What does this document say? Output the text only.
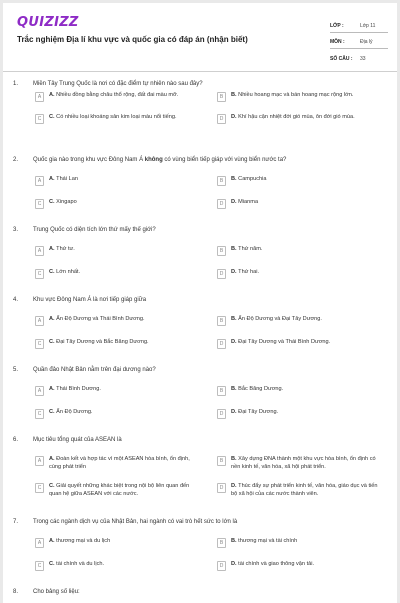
QUIZIZZ
Trắc nghiệm Địa lí khu vực và quốc gia có đáp án (nhận biết)
LỚP :	Lớp 11
MÔN :	Địa lý
SỐ CÂU :	33
1. Miền Tây Trung Quốc là nơi có đặc điểm tự nhiên nào sau đây?
A	A. Nhiều đồng bằng châu thổ rộng, đất đai màu mỡ.	B	B. Nhiều hoang mạc và bán hoang mạc rộng lớn.
C	C. Có nhiều loại khoáng sản kim loại màu nổi tiếng.	D	D. Khí hậu cận nhiệt đới gió mùa, ôn đới gió mùa.
2. Quốc gia nào trong khu vực Đông Nam Á không có vùng biển tiếp giáp với vùng biển nước ta?
A	A. Thái Lan	B	B. Campuchia
C	C. Xingapo	D	D. Mianma
3. Trung Quốc có diện tích lớn thứ mấy thế giới?
A	A. Thứ tư.	B	B. Thứ năm.
C	C. Lớn nhất.	D	D. Thứ hai.
4. Khu vực Đông Nam Á là nơi tiếp giáp giữa
A	A. Ấn Độ Dương và Thái Bình Dương.	B	B. Ấn Độ Dương và Đại Tây Dương.
C	C. Đại Tây Dương và Bắc Băng Dương.	D	D. Đại Tây Dương và Thái Bình Dương.
5. Quần đảo Nhật Bản nằm trên đại dương nào?
A	A. Thái Bình Dương.	B	B. Bắc Băng Dương.
C	C. Ấn Độ Dương.	D	D. Đại Tây Dương.
6. Mục tiêu tổng quát của ASEAN là
A	A. Đoàn kết và hợp tác vì một ASEAN hòa bình, ổn định, cùng phát triển
B	B. Xây dựng ĐNA thành một khu vực hòa bình, ổn định có nền kinh tế, văn hóa, xã hội phát triển.
C	C. Giải quyết những khác biệt trong nội bộ liên quan đến quan hệ giữa ASEAN với các nước.
D	D. Thúc đẩy sự phát triển kinh tế, văn hóa, giáo dục và tiến bộ xã hội của các nước thành viên.
7. Trong các ngành dịch vụ của Nhật Bản, hai ngành có vai trò hết sức to lớn là
A	A. thương mại và du lịch	B	B. thương mại và tài chính
C	C. tài chính và du lịch.	D	D. tài chính và giao thông vận tải.
8. Cho bảng số liệu:
